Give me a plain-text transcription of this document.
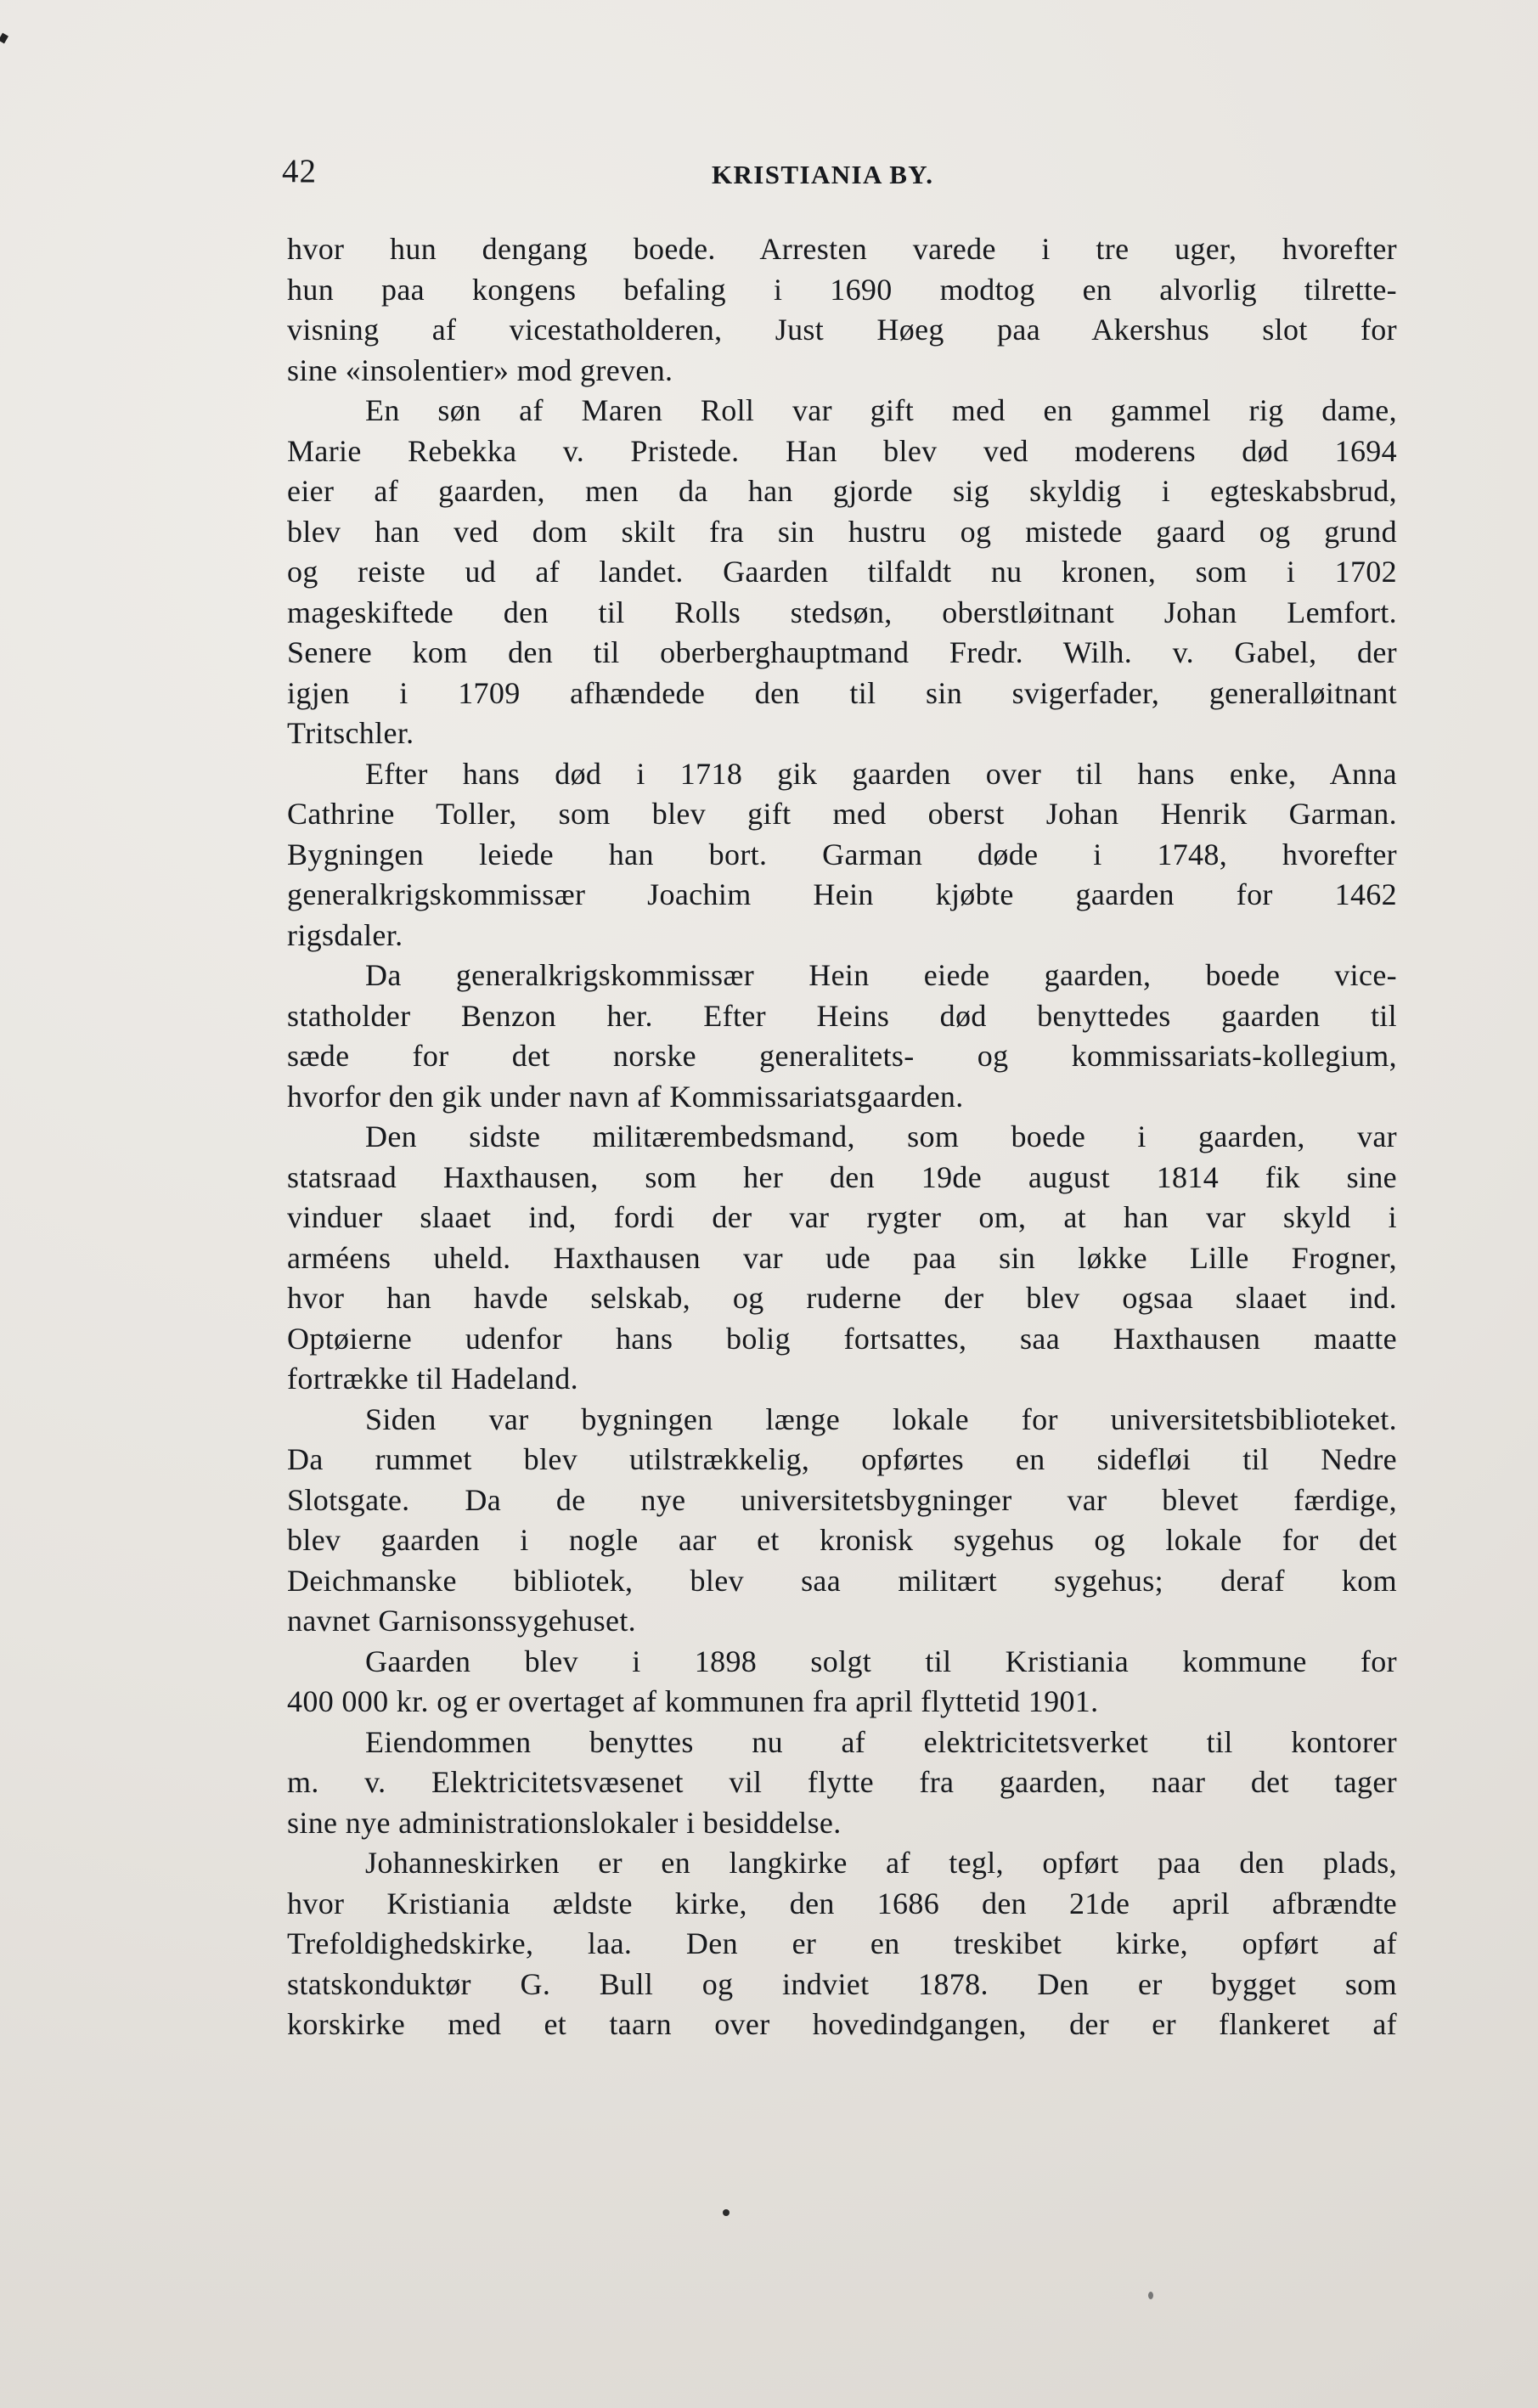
42	KRISTIANIA BY.
hvor hun dengang boede. Arresten varede i tre uger, hvorefter
hun paa kongens befaling i 1690 modtog en alvorlig tilrette-
visning af vicestatholderen, Just Høeg paa Akershus slot for
sine «insolentier» mod greven.
En søn af Maren Roll var gift med en gammel rig dame,
Marie Rebekka v. Pristede. Han blev ved moderens død 1694
eier af gaarden, men da han gjorde sig skyldig i egteskabsbrud,
blev han ved dom skilt fra sin hustru og mistede gaard og grund
og reiste ud af landet. Gaarden tilfaldt nu kronen, som i 1702
mageskiftede den til Rolls stedsøn, oberstløitnant Johan Lemfort.
Senere kom den til oberberghauptmand Fredr. Wilh. v. Gabel, der
igjen i 1709 afhændede den til sin svigerfader, generalløitnant
Tritschler.
Efter hans død i 1718 gik gaarden over til hans enke, Anna
Cathrine Toller, som blev gift med oberst Johan Henrik Garman.
Bygningen leiede han bort. Garman døde i 1748, hvorefter
generalkrigskommissær Joachim Hein kjøbte gaarden for 1462
rigsdaler.
Da generalkrigskommissær Hein eiede gaarden, boede vice-
statholder Benzon her. Efter Heins død benyttedes gaarden til
sæde for det norske generalitets- og kommissariats-kollegium,
hvorfor den gik under navn af Kommissariatsgaarden.
Den sidste militærembedsmand, som boede i gaarden, var
statsraad Haxthausen, som her den 19de august 1814 fik sine
vinduer slaaet ind, fordi der var rygter om, at han var skyld i
arméens uheld. Haxthausen var ude paa sin løkke Lille Frogner,
hvor han havde selskab, og ruderne der blev ogsaa slaaet ind.
Optøierne udenfor hans bolig fortsattes, saa Haxthausen maatte
fortrække til Hadeland.
Siden var bygningen længe lokale for universitetsbiblioteket.
Da rummet blev utilstrækkelig, opførtes en sidefløi til Nedre
Slotsgate. Da de nye universitetsbygninger var blevet færdige,
blev gaarden i nogle aar et kronisk sygehus og lokale for det
Deichmanske bibliotek, blev saa militært sygehus; deraf kom
navnet Garnisonssygehuset.
Gaarden blev i 1898 solgt til Kristiania kommune for
400 000 kr. og er overtaget af kommunen fra april flyttetid 1901.
Eiendommen benyttes nu af elektricitetsverket til kontorer
m. v. Elektricitetsvæsenet vil flytte fra gaarden, naar det tager
sine nye administrationslokaler i besiddelse.
Johanneskirken er en langkirke af tegl, opført paa den plads,
hvor Kristiania ældste kirke, den 1686 den 21de april afbrændte
Trefoldighedskirke, laa. Den er en treskibet kirke, opført af
statskonduktør G. Bull og indviet 1878. Den er bygget som
korskirke med et taarn over hovedindgangen, der er flankeret af
